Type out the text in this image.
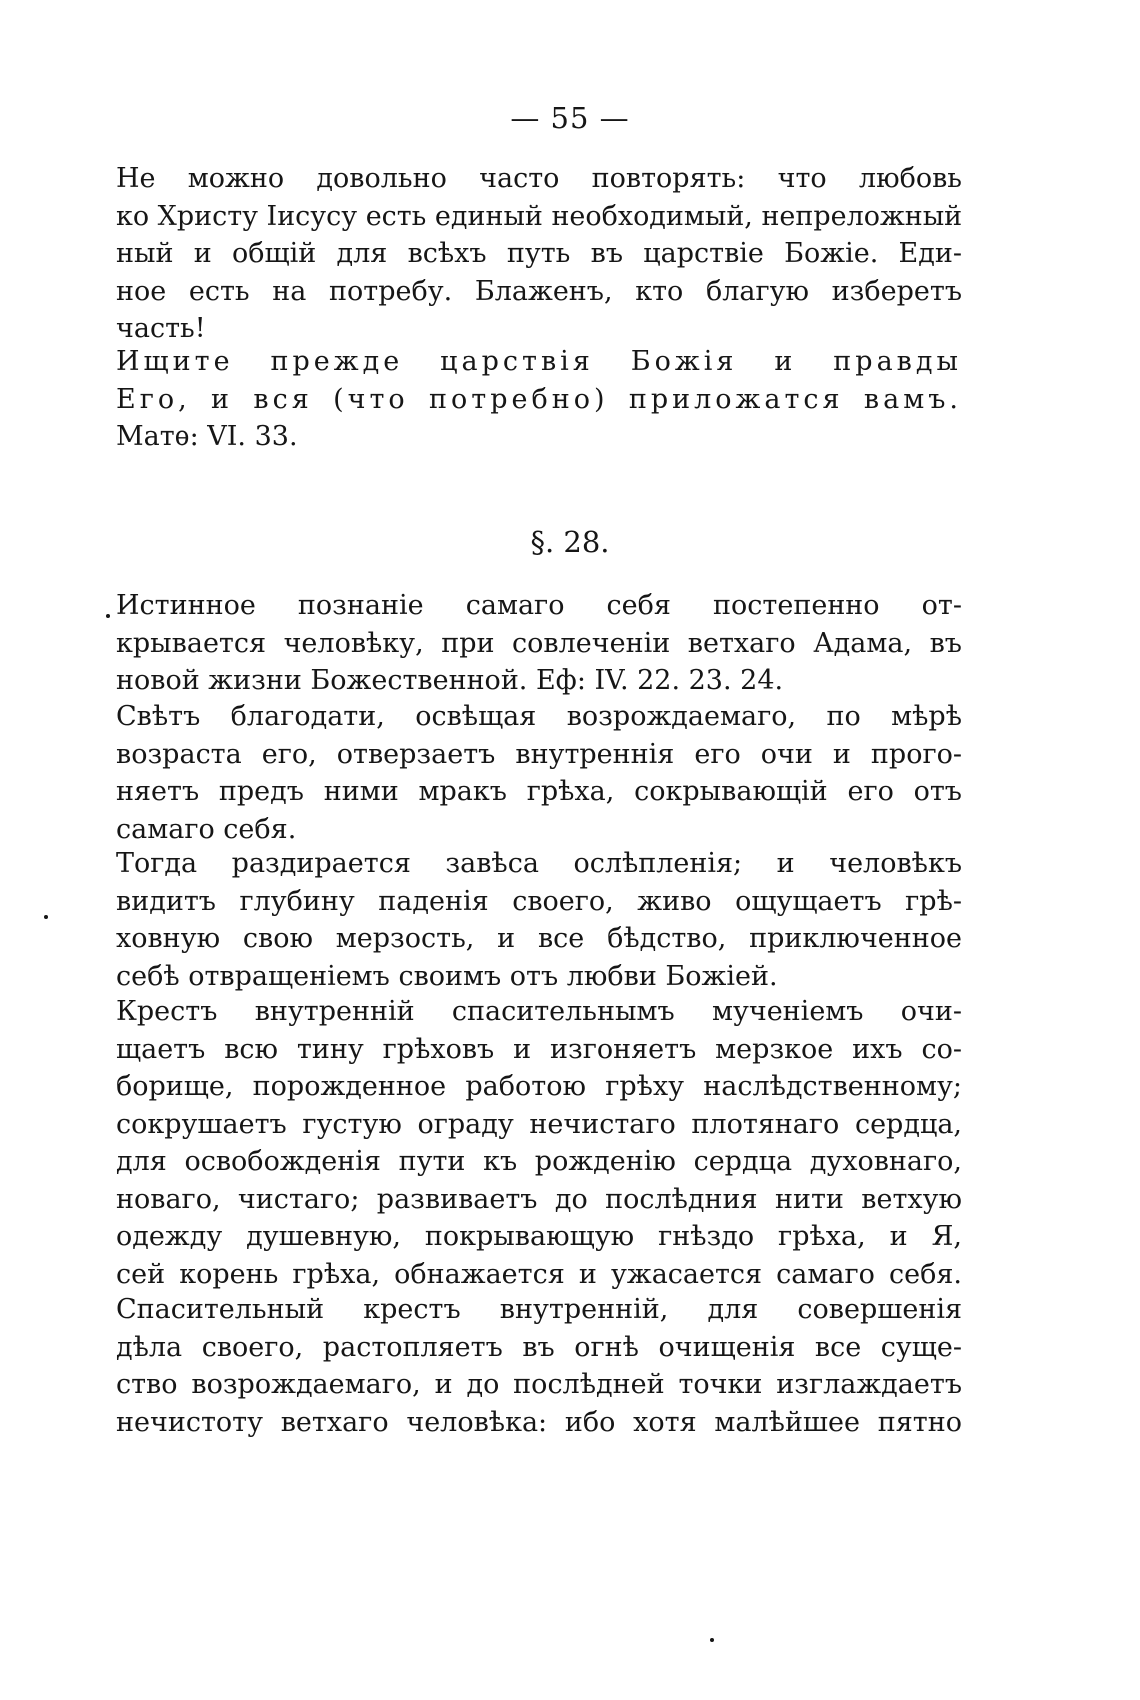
— 55 —
Не можно довольно часто повторять: что любовь
ко Христу Іисусу есть единый необходимый, непреложный
ный и общій для всѣхъ путь въ царствіе Божіе. Еди-
ное есть на потребу. Блаженъ, кто благую изберетъ
часть!
Ищите прежде царствія Божія и правды
Его, и вся (что потребно) приложатся вамъ.
Матѳ: VI. 33.
§. 28.
Истинное познаніе самаго себя постепенно от-
крывается человѣку, при совлеченіи ветхаго Адама, въ
новой жизни Божественной. Еф: IV. 22. 23. 24.
Свѣтъ благодати, освѣщая возрождаемаго, по мѣрѣ
возраста его, отверзаетъ внутреннія его очи и прого-
няетъ предъ ними мракъ грѣха, сокрывающій его отъ
самаго себя.
Тогда раздирается завѣса ослѣпленія; и человѣкъ
видитъ глубину паденія своего, живо ощущаетъ грѣ-
ховную свою мерзость, и все бѣдство, приключенное
себѣ отвращеніемъ своимъ отъ любви Божіей.
Крестъ внутренній спасительнымъ мученіемъ очи-
щаетъ всю тину грѣховъ и изгоняетъ мерзкое ихъ со-
борище, порожденное работою грѣху наслѣдственному;
сокрушаетъ густую ограду нечистаго плотянаго сердца,
для освобожденія пути къ рожденію сердца духовнаго,
новаго, чистаго; развиваетъ до послѣдния нити ветхую
одежду душевную, покрывающую гнѣздо грѣха, и Я,
сей корень грѣха, обнажается и ужасается самаго себя.
Спасительный крестъ внутренній, для совершенія
дѣла своего, растопляетъ въ огнѣ очищенія все суще-
ство возрождаемаго, и до послѣдней точки изглаждаетъ
нечистоту ветхаго человѣка: ибо хотя малѣйшее пятно
